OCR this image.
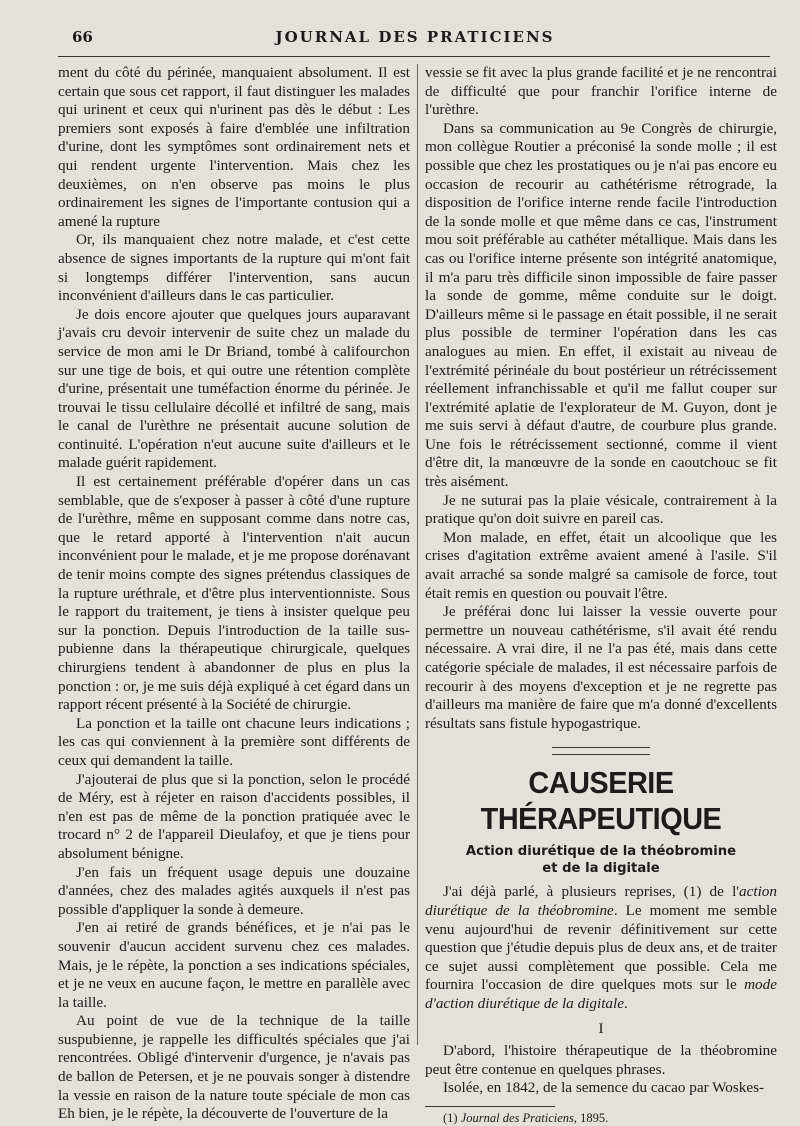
66	JOURNAL DES PRATICIENS

ment du côté du périnée, manquaient absolument. Il est certain que sous cet rapport, il faut distinguer les malades qui urinent et ceux qui n'urinent pas dès le début : Les premiers sont exposés à faire d'emblée une infiltration d'urine, dont les symptômes sont ordinairement nets et qui rendent urgente l'intervention. Mais chez les deuxièmes, on n'en observe pas moins le plus ordinairement les signes de l'importante contusion qui a amené la rupture

Or, ils manquaient chez notre malade, et c'est cette absence de signes importants de la rupture qui m'ont fait si longtemps différer l'intervention, sans aucun inconvénient d'ailleurs dans le cas particulier.

Je dois encore ajouter que quelques jours auparavant j'avais cru devoir intervenir de suite chez un malade du service de mon ami le Dr Briand, tombé à califourchon sur une tige de bois, et qui outre une rétention complète d'urine, présentait une tuméfaction énorme du périnée. Je trouvai le tissu cellulaire décollé et infiltré de sang, mais le canal de l'urèthre ne présentait aucune solution de continuité. L'opération n'eut aucune suite d'ailleurs et le malade guérit rapidement.

Il est certainement préférable d'opérer dans un cas semblable, que de s'exposer à passer à côté d'une rupture de l'urèthre, même en supposant comme dans notre cas, que le retard apporté à l'intervention n'ait aucun inconvénient pour le malade, et je me propose dorénavant de tenir moins compte des signes prétendus classiques de la rupture uréthrale, et d'être plus interventionniste. Sous le rapport du traitement, je tiens à insister quelque peu sur la ponction. Depuis l'introduction de la taille sus-pubienne dans la thérapeutique chirurgicale, quelques chirurgiens tendent à abandonner de plus en plus la ponction : or, je me suis déjà expliqué à cet égard dans un rapport récent présenté à la Société de chirurgie.

La ponction et la taille ont chacune leurs indications ; les cas qui conviennent à la première sont différents de ceux qui demandent la taille.

J'ajouterai de plus que si la ponction, selon le procédé de Méry, est à réjeter en raison d'accidents possibles, il n'en est pas de même de la ponction pratiquée avec le trocard n° 2 de l'appareil Dieulafoy, et que je tiens pour absolument bénigne.

J'en fais un fréquent usage depuis une douzaine d'années, chez des malades agités auxquels il n'est pas possible d'appliquer la sonde à demeure.

J'en ai retiré de grands bénéfices, et je n'ai pas le souvenir d'aucun accident survenu chez ces malades. Mais, je le répète, la ponction a ses indications spéciales, et je ne veux en aucune façon, le mettre en parallèle avec la taille.

Au point de vue de la technique de la taille suspubienne, je rappelle les difficultés spéciales que j'ai rencontrées. Obligé d'intervenir d'urgence, je n'avais pas de ballon de Petersen, et je ne pouvais songer à distendre la vessie en raison de la nature toute spéciale de mon cas Eh bien, je le répète, la découverte de l'ouverture de la

vessie se fit avec la plus grande facilité et je ne rencontrai de difficulté que pour franchir l'orifice interne de l'urèthre.

Dans sa communication au 9e Congrès de chirurgie, mon collègue Routier a préconisé la sonde molle ; il est possible que chez les prostatiques ou je n'ai pas encore eu occasion de recourir au cathétérisme rétrograde, la disposition de l'orifice interne rende facile l'introduction de la sonde molle et que même dans ce cas, l'instrument mou soit préférable au cathéter métallique. Mais dans les cas ou l'orifice interne présente son intégrité anatomique, il m'a paru très difficile sinon impossible de faire passer la sonde de gomme, même conduite sur le doigt. D'ailleurs même si le passage en était possible, il ne serait plus possible de terminer l'opération dans les cas analogues au mien. En effet, il existait au niveau de l'extrémité périnéale du bout postérieur un rétrécissement réellement infranchissable et qu'il me fallut couper sur l'extrémité aplatie de l'explorateur de M. Guyon, dont je me suis servi à défaut d'autre, de courbure plus grande. Une fois le rétrécissement sectionné, comme il vient d'être dit, la manœuvre de la sonde en caoutchouc se fit très aisément.

Je ne suturai pas la plaie vésicale, contrairement à la pratique qu'on doit suivre en pareil cas.

Mon malade, en effet, était un alcoolique que les crises d'agitation extrême avaient amené à l'asile. S'il avait arraché sa sonde malgré sa camisole de force, tout était remis en question ou pouvait l'être.

Je préférai donc lui laisser la vessie ouverte pour permettre un nouveau cathétérisme, s'il avait été rendu nécessaire. A vrai dire, il ne l'a pas été, mais dans cette catégorie spéciale de malades, il est nécessaire parfois de recourir à des moyens d'exception et je ne regrette pas d'ailleurs ma manière de faire que m'a donné d'excellents résultats sans fistule hypogastrique.

CAUSERIE THÉRAPEUTIQUE
Action diurétique de la théobromine
et de la digitale

J'ai déjà parlé, à plusieurs reprises, (1) de l'action diurétique de la théobromine. Le moment me semble venu aujourd'hui de revenir définitivement sur cette question que j'étudie depuis plus de deux ans, et de traiter ce sujet aussi complètement que possible. Cela me fournira l'occasion de dire quelques mots sur le mode d'action diurétique de la digitale.

I

D'abord, l'histoire thérapeutique de la théobromine peut être contenue en quelques phrases.

Isolée, en 1842, de la semence du cacao par Woskes-

(1) Journal des Praticiens, 1895.
